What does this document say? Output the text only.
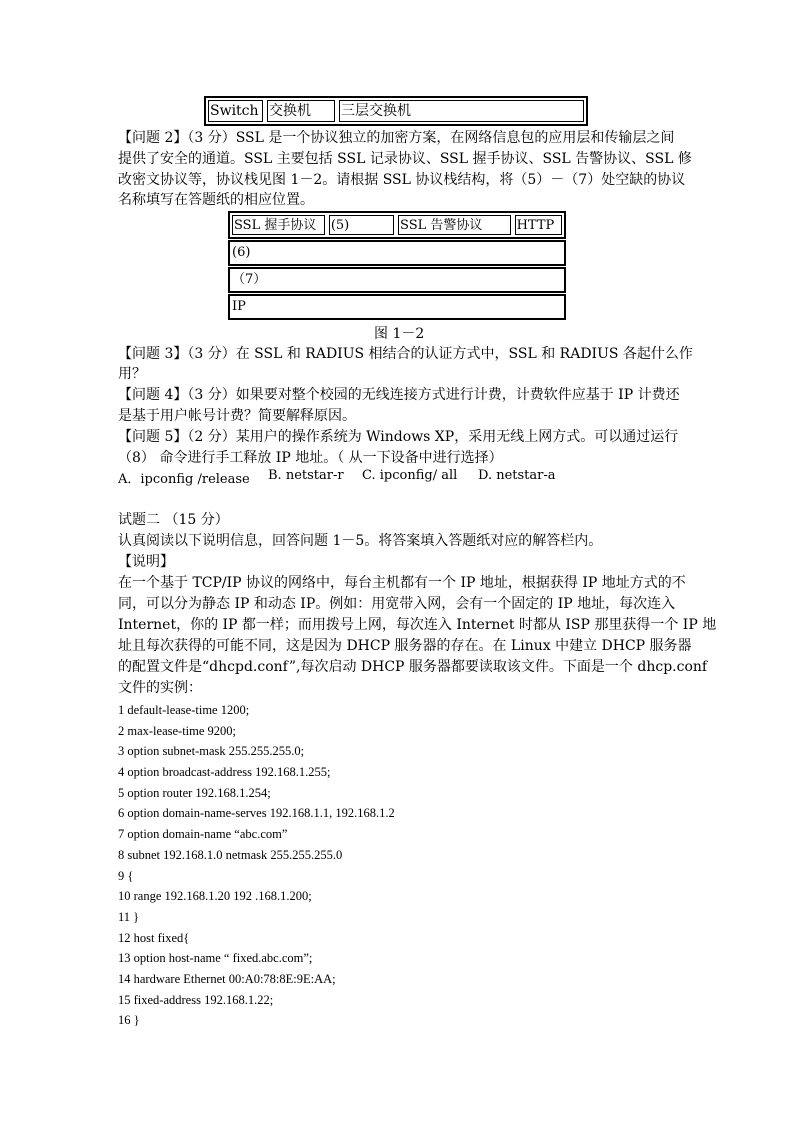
Switch 交换机	三层交换机
【问题 2】（3 分）SSL 是一个协议独立的加密方案，在网络信息包的应用层和传输层之间
提供了安全的通道。SSL 主要包括 SSL 记录协议、SSL 握手协议、SSL 告警协议、SSL 修
改密文协议等，协议栈见图 1－2。请根据 SSL 协议栈结构，将（5）－（7）处空缺的协议
名称填写在答题纸的相应位置。
SSL 握手协议	(5)	SSL 告警协议	HTTP
(6)
（7）
IP
图 1－2
【问题 3】（3 分）在 SSL 和 RADIUS 相结合的认证方式中，SSL 和 RADIUS 各起什么作
用？
【问题 4】（3 分）如果要对整个校园的无线连接方式进行计费，计费软件应基于 IP 计费还
是基于用户帐号计费？简要解释原因。
【问题 5】（2 分）某用户的操作系统为 Windows XP，采用无线上网方式。可以通过运行
（8） 命令进行手工释放 IP 地址。（ 从一下设备中进行选择）
A．ipconfig /release B. netstar-r C. ipconfig/ all D. netstar-a
试题二 （15 分）
认真阅读以下说明信息，回答问题 1－5。将答案填入答题纸对应的解答栏内。
【说明】
在一个基于 TCP/IP 协议的网络中，每台主机都有一个 IP 地址，根据获得 IP 地址方式的不
同，可以分为静态 IP 和动态 IP。例如：用宽带入网，会有一个固定的 IP 地址，每次连入
Internet，你的 IP 都一样；而用拨号上网，每次连入 Internet 时都从 ISP 那里获得一个 IP 地
址且每次获得的可能不同，这是因为 DHCP 服务器的存在。在 Linux 中建立 DHCP 服务器
的配置文件是“dhcpd.conf”,每次启动 DHCP 服务器都要读取该文件。下面是一个 dhcp.conf
文件的实例：
1 default-lease-time 1200;
2 max-lease-time 9200;
3 option subnet-mask 255.255.255.0;
4 option broadcast-address 192.168.1.255;
5 option router 192.168.1.254;
6 option domain-name-serves 192.168.1.1, 192.168.1.2
7 option domain-name “abc.com”
8 subnet 192.168.1.0 netmask 255.255.255.0
9 {
10 range 192.168.1.20 192 .168.1.200;
11 }
12 host fixed{
13 option host-name “ fixed.abc.com”;
14 hardware Ethernet 00:A0:78:8E:9E:AA;
15 fixed-address 192.168.1.22;
16 }
